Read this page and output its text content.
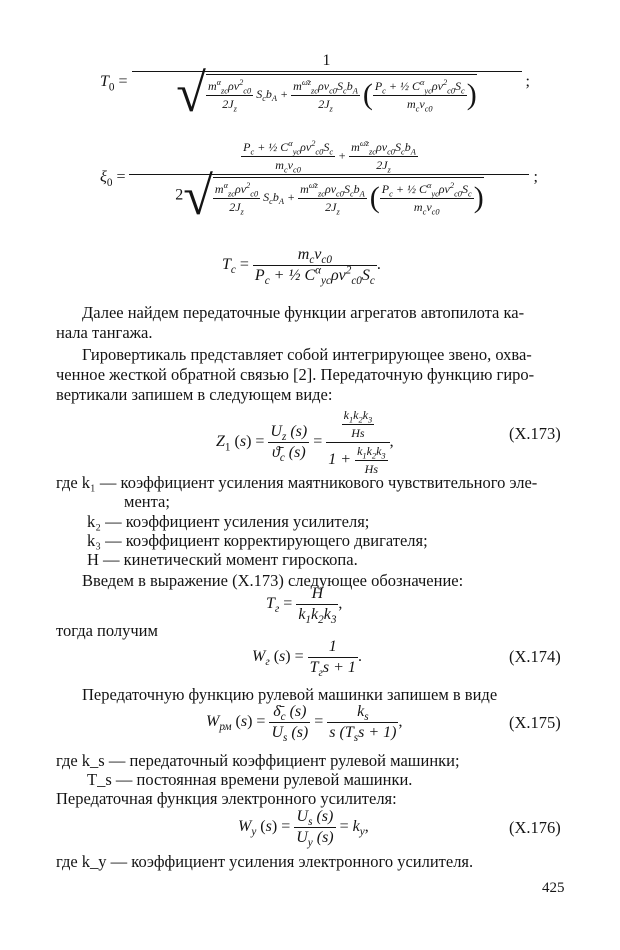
$T_0$ =
1
√ $m^\alpha_{zc}\rho v^2_{c0}$
$2J_z$
$S_cb_A$ +
$m^{\omegāz}_{zc}\rho v_{c0}S_cb_A$
$2J_z$	( $P_c$ + ½ $C^\alpha_{yc}\rho v^2_{c0}S_c$
$m_cv_{c0}$	)	;
$\xi_0$ =
$P_c$ + ½ $C^\alpha_{yc}\rho v^2_{c0}S_c$
$m_cv_{c0}$
+
$m^{\omegāz}_{zc}\rho v_{c0}S_cb_A$
$2J_z$
2√ $m^\alpha_{zc}\rho v^2_{c0}$
$2J_z$
$S_cb_A$ +
$m^{\omegāz}_{zc}\rho v_{c0}S_cb_A$
$2J_z$	( $P_c$ + ½ $C^\alpha_{yc}\rho v^2_{c0}S_c$
$m_cv_{c0}$	)
;
$T_c$ =
$m_cv_{c0}$
$P_c$ + ½ $C^\alpha_{yc}\rho v^2_{c0}S_c$
.
Далее найдем передаточные функции агрегатов автопилота ка-
нала тангажа.
Гировертикаль представляет собой интегрирующее звено, охва-
ченное жесткой обратной связью [2]. Передаточную функцию гиро-
вертикали запишем в следующем виде:
$Z_1$ $(s) = \frac{U_z (s)}{ϑ̄_c (s)} = \frac{\frac{k_1k_2k_3}{Hs}}{1 + \frac{k_1k_2k_3}{Hs}}$ ,	(X.173)
где k₁ — коэффициент усиления маятникового чувствительного эле-
мента;
k₂ — коэффициент усиления усилителя;
k₃ — коэффициент корректирующего двигателя;
H — кинетический момент гироскопа.
Введем в выражение (X.173) следующее обозначение:
$T_г = \frac{H}{k_1k_2k_3}$ ,
тогда получим
$W_г$ (s) =
1
$T_гs + 1$
.	(X.174)
Передаточную функцию рулевой машинки запишем в виде
$W_{рм}$ $(s) = \frac{\deltā_c (s)}{U_s (s)}$ =
$k_s$
s $(T_ss + 1)$
,	(X.175)
где k_s — передаточный коэффициент рулевой машинки;
T_s — постоянная времени рулевой машинки.
Передаточная функция электронного усилителя:
$W_y$ $(s) = \frac{U_s (s)}{U_y (s)} = k_y$,	(X.176)
где k_y — коэффициент усиления электронного усилителя.
425
